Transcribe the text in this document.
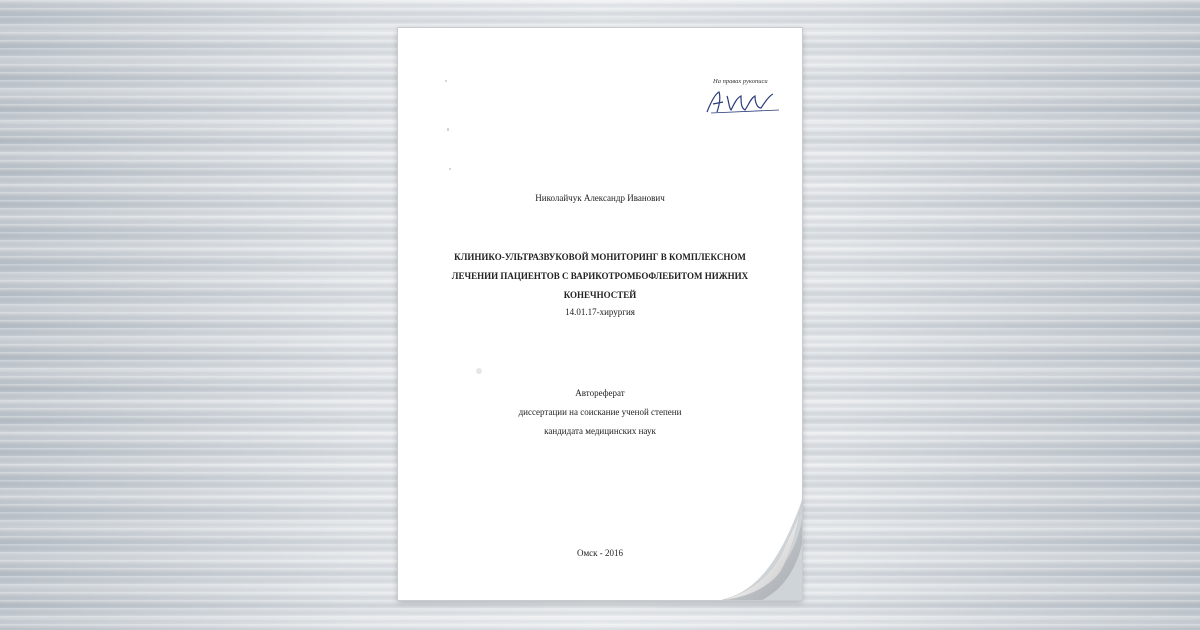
На правах рукописи
Николайчук Александр Иванович
КЛИНИКО-УЛЬТРАЗВУКОВОЙ МОНИТОРИНГ В КОМПЛЕКСНОМ ЛЕЧЕНИИ ПАЦИЕНТОВ С ВАРИКОТРОМБОФЛЕБИТОМ НИЖНИХ КОНЕЧНОСТЕЙ
14.01.17-хирургия
Автореферат
диссертации на соискание ученой степени
кандидата медицинских наук
Омск - 2016
